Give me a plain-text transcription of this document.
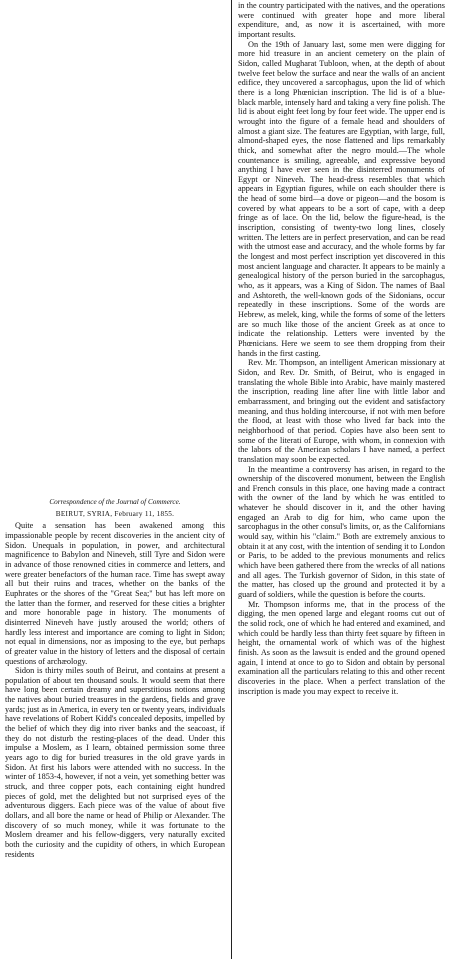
Correspondence of the Journal of Commerce.
BEIRUT, SYRIA, February 11, 1855.

Quite a sensation has been awakened among this impassionable people by recent discoveries in the ancient city of Sidon. Unequals in population, in power, and architectural magnificence to Babylon and Nineveh, still Tyre and Sidon were in advance of those renowned cities in commerce and letters, and were greater benefactors of the human race. Time has swept away all but their ruins and traces, whether on the banks of the Euphrates or the shores of the "Great Sea;" but has left more on the latter than the former, and reserved for these cities a brighter and more honorable page in history. The monuments of disinterred Nineveh have justly aroused the world; others of hardly less interest and importance are coming to light in Sidon; not equal in dimensions, nor as imposing to the eye, but perhaps of greater value in the history of letters and the disposal of certain questions of archæology.

Sidon is thirty miles south of Beirut, and contains at present a population of about ten thousand souls. It would seem that there have long been certain dreamy and superstitious notions among the natives about buried treasures in the gardens, fields and grave yards; just as in America, in every ten or twenty years, individuals have revelations of Robert Kidd's concealed deposits, impelled by the belief of which they dig into river banks and the seacoast, if they do not disturb the resting-places of the dead. Under this impulse a Moslem, as I learn, obtained permission some three years ago to dig for buried treasures in the old grave yards in Sidon. At first his labors were attended with no success. In the winter of 1853-4, however, if not a vein, yet something better was struck, and three copper pots, each containing eight hundred pieces of gold, met the delighted but not surprised eyes of the adventurous diggers. Each piece was of the value of about five dollars, and all bore the name or head of Philip or Alexander. The discovery of so much money, while it was fortunate to the Moslem dreamer and his fellow-diggers, very naturally excited both the curiosity and the cupidity of others, in which European residents

in the country participated with the natives, and the operations were continued with greater hope and more liberal expenditure, and, as now it is ascertained, with more important results.

On the 19th of January last, some men were digging for more hid treasure in an ancient cemetery on the plain of Sidon, called Mugharat Tubloon, when, at the depth of about twelve feet below the surface and near the walls of an ancient edifice, they uncovered a sarcophagus, upon the lid of which there is a long Phœnician inscription. The lid is of a blue-black marble, intensely hard and taking a very fine polish. The lid is about eight feet long by four feet wide. The upper end is wrought into the figure of a female head and shoulders of almost a giant size. The features are Egyptian, with large, full, almond-shaped eyes, the nose flattened and lips remarkably thick, and somewhat after the negro mould.—The whole countenance is smiling, agreeable, and expressive beyond anything I have ever seen in the disinterred monuments of Egypt or Nineveh. The head-dress resembles that which appears in Egyptian figures, while on each shoulder there is the head of some bird—a dove or pigeon—and the bosom is covered by what appears to be a sort of cape, with a deep fringe as of lace. On the lid, below the figure-head, is the inscription, consisting of twenty-two long lines, closely written. The letters are in perfect preservation, and can be read with the utmost ease and accuracy, and the whole forms by far the longest and most perfect inscription yet discovered in this most ancient language and character. It appears to be mainly a genealogical history of the person buried in the sarcophagus, who, as it appears, was a King of Sidon. The names of Baal and Ashtoreth, the well-known gods of the Sidonians, occur repeatedly in these inscriptions. Some of the words are Hebrew, as melek, king, while the forms of some of the letters are so much like those of the ancient Greek as at once to indicate the relationship. Letters were invented by the Phœnicians. Here we seem to see them dropping from their hands in the first casting.

Rev. Mr. Thompson, an intelligent American missionary at Sidon, and Rev. Dr. Smith, of Beirut, who is engaged in translating the whole Bible into Arabic, have mainly mastered the inscription, reading line after line with little labor and embarrassment, and bringing out the evident and satisfactory meaning, and thus holding intercourse, if not with men before the flood, at least with those who lived far back into the neighborhood of that period. Copies have also been sent to some of the literati of Europe, with whom, in connexion with the labors of the American scholars I have named, a perfect translation may soon be expected.

In the meantime a controversy has arisen, in regard to the ownership of the discovered monument, between the English and French consuls in this place, one having made a contract with the owner of the land by which he was entitled to whatever he should discover in it, and the other having engaged an Arab to dig for him, who came upon the sarcophagus in the other consul's limits, or, as the Californians would say, within his "claim." Both are extremely anxious to obtain it at any cost, with the intention of sending it to London or Paris, to be added to the previous monuments and relics which have been gathered there from the wrecks of all nations and all ages. The Turkish governor of Sidon, in this state of the matter, has closed up the ground and protected it by a guard of soldiers, while the question is before the courts.

Mr. Thompson informs me, that in the process of the digging, the men opened large and elegant rooms cut out of the solid rock, one of which he had entered and examined, and which could be hardly less than thirty feet square by fifteen in height, the ornamental work of which was of the highest finish. As soon as the lawsuit is ended and the ground opened again, I intend at once to go to Sidon and obtain by personal examination all the particulars relating to this and other recent discoveries in the place. When a perfect translation of the inscription is made you may expect to receive it.
